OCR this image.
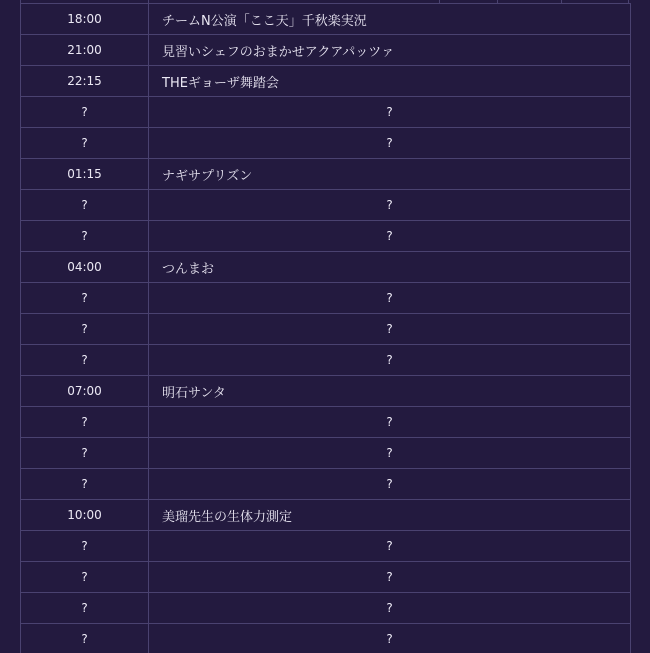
18:00	チームN公演「ここ天」千秋楽実況
21:00	見習いシェフのおまかせアクアパッツァ
22:15	THEギョーザ舞踏会
?	?
?	?
01:15	ナギサプリズン
?	?
?	?
04:00	つんまお
?	?
?	?
?	?
07:00	明石サンタ
?	?
?	?
?	?
10:00	美瑠先生の生体力測定
?	?
?	?
?	?
?	?
